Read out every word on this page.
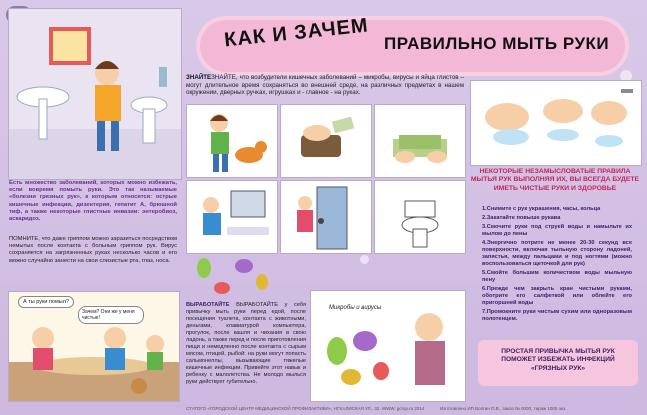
КАК И ЗАЧЕМ ПРАВИЛЬНО МЫТЬ РУКИ
Есть множество заболеваний, которых можно избежать, если вовремя помыть руки. Это так называемые «болезни грязных рук», к которым относятся: острые кишечные инфекции, дизентерия, гепатит А, брюшной тиф, а также некоторые глистные инвазии: энтеробиоз, аскаридоз.
ПОМНИТЕ, что даже гриппом можно заразиться посредством немытых после контакта с больным гриппом рук. Вирус сохраняется на загрязненных руках несколько часов и его можно случайно занести на свои слизистые рта, глаз, носа.
А ты руки помыл?
Зачем? Они же у меня чистые!
ЗНАЙТЕЗНАЙТЕ, что возбудители кишечных заболеваний – микробы, вирусы и яйца глистов – могут длительное время сохраняться во внешней среде, на различных предметах в нашем окружении, дверных ручках, игрушках и - главное - на руках.
ВЫРАБОТАЙТЕ ВЫРАБОТАЙТЕ у себя привычку мыть руки перед едой, после посещения туалета, контакта с животными, деньгами, клавиатурой компьютера, прогулок, после кашля и чихания в свою ладонь, а также перед и после приготовления пищи и немедленно после контакта с сырым мясом, птицей, рыбой: на руки могут попасть сальмонеллы, вызывающие тяжелые кишечные инфекции. Привейте этот навык и ребенку с малолетства. Не молодо мылься руки действует губительно.
Микробы и вирусы
НЕКОТОРЫЕ НЕЗАМЫСЛОВАТЫЕ ПРАВИЛА МЫТЬЯ РУК ВЫПОЛНЯЯ ИХ, ВЫ ВСЕГДА БУДЕТЕ ИМЕТЬ ЧИСТЫЕ РУКИ И ЗДОРОВЬЕ
1.Снимите с рук украшения, часы, кольца
2.Закатайте повыше рукава
3.Смочите руки под струей воды и намыльте их мылом до пены
4.Энергично потрите не менее 20-30 секунд все поверхности, включая тыльную сторону ладоней, запястья, между пальцами и под ногтями (можно воспользоваться щеточкой для рук)
5.Смойте большим количеством воды мыльную пену
6.Прежде чем закрыть кран чистыми руками, оботрите его салфеткой или облейте его пригоршней воды
7.Промокните руки чистым сухим или одноразовым полотенцем.
ПРОСТАЯ ПРИВЫЧКА МЫТЬЯ РУК ПОМОЖЕТ ИЗБЕЖАТЬ ИНФЕКЦИЙ «ГРЯЗНЫХ РУК»
СТАТОГО «ГОРОДСКОЙ ЦЕНТР МЕДИЦИНСКОЙ ПРОФИЛАКТИКИ», НГХАЛИСКАЯ УЛ., 32. WWW. gcmp.ru 2014	Изготовлено ИП Волгин О.В., заказ № 0000, тираж 1000 экз.
